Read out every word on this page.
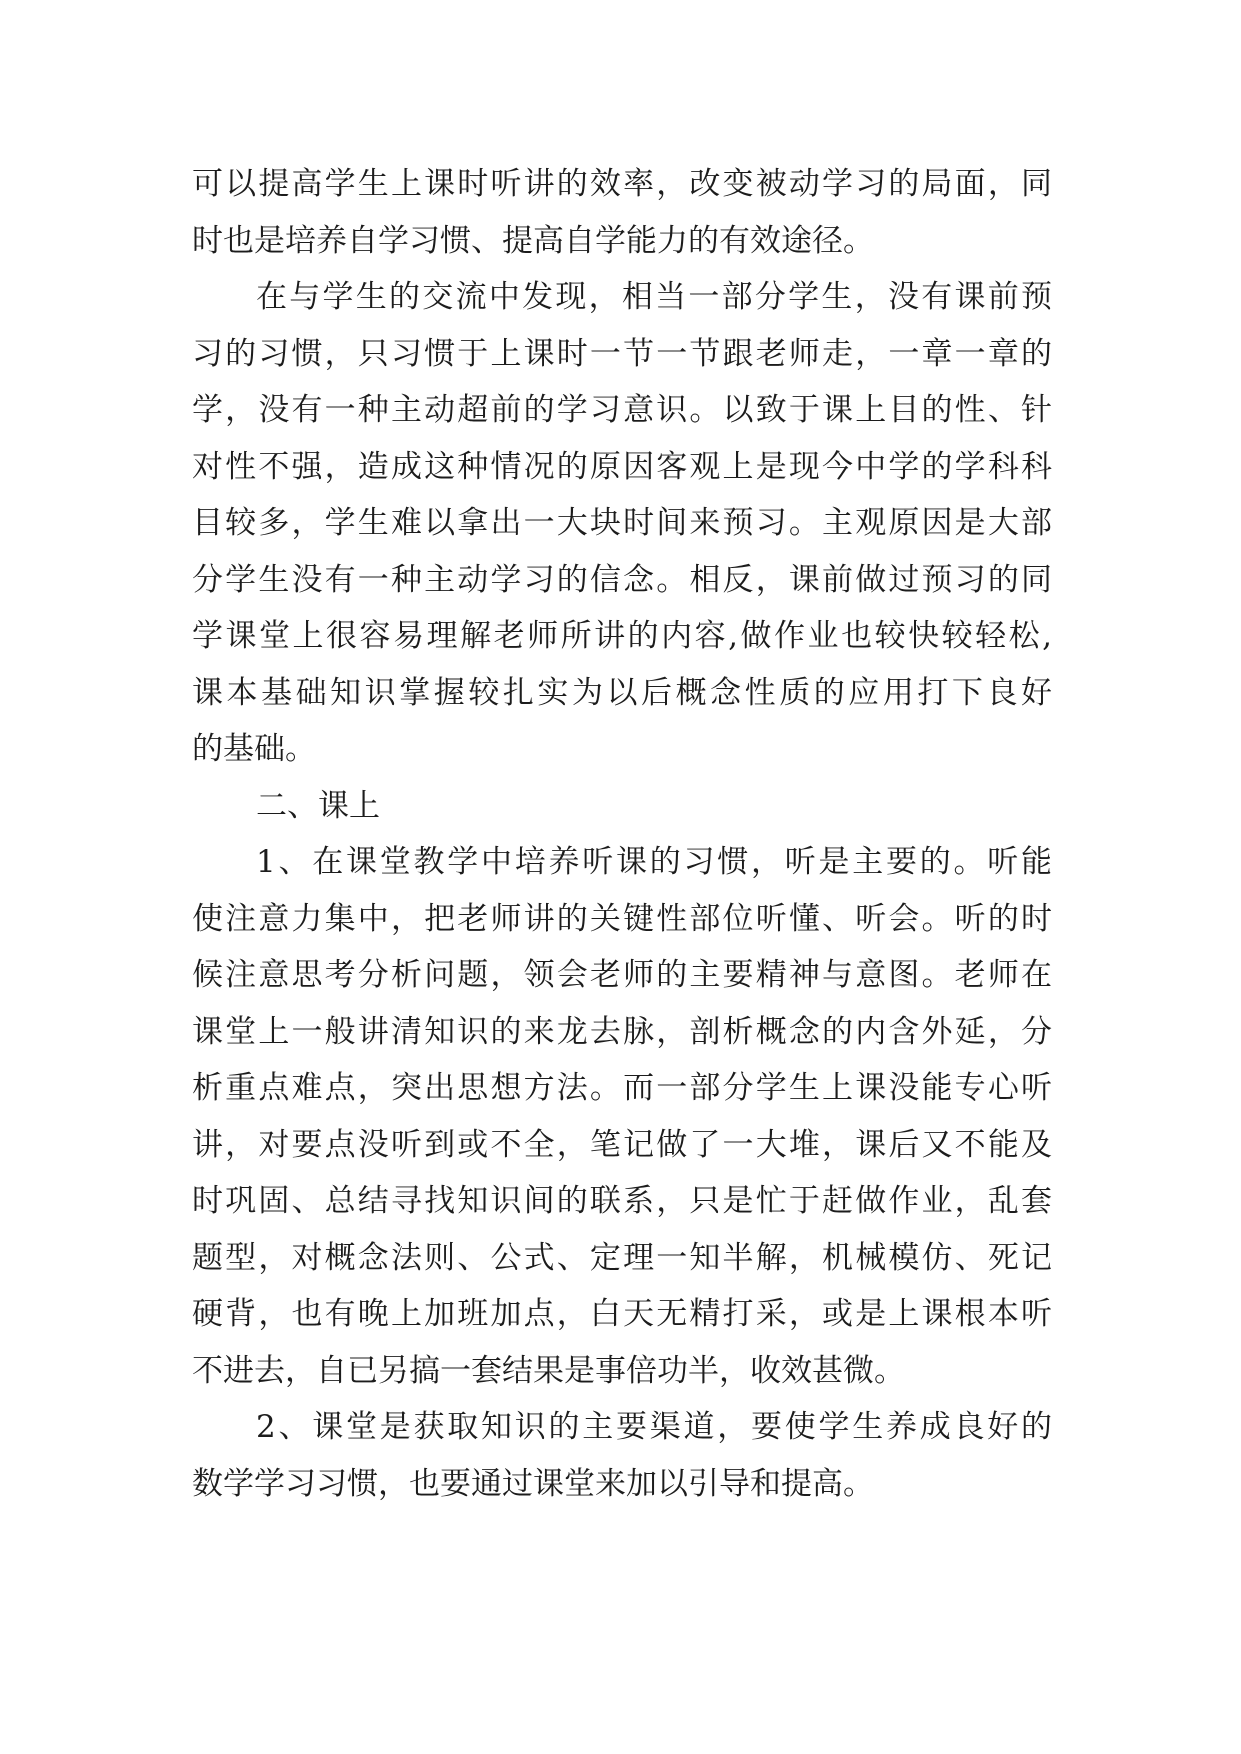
可以提高学生上课时听讲的效率，改变被动学习的局面，同
时也是培养自学习惯、提高自学能力的有效途径。
在与学生的交流中发现，相当一部分学生，没有课前预
习的习惯，只习惯于上课时一节一节跟老师走，一章一章的
学，没有一种主动超前的学习意识。以致于课上目的性、针
对性不强，造成这种情况的原因客观上是现今中学的学科科
目较多，学生难以拿出一大块时间来预习。主观原因是大部
分学生没有一种主动学习的信念。相反，课前做过预习的同
学课堂上很容易理解老师所讲的内容,做作业也较快较轻松,
课本基础知识掌握较扎实为以后概念性质的应用打下良好
的基础。
二、课上
1、在课堂教学中培养听课的习惯，听是主要的。听能
使注意力集中，把老师讲的关键性部位听懂、听会。听的时
候注意思考分析问题，领会老师的主要精神与意图。老师在
课堂上一般讲清知识的来龙去脉，剖析概念的内含外延，分
析重点难点，突出思想方法。而一部分学生上课没能专心听
讲，对要点没听到或不全，笔记做了一大堆，课后又不能及
时巩固、总结寻找知识间的联系，只是忙于赶做作业，乱套
题型，对概念法则、公式、定理一知半解，机械模仿、死记
硬背，也有晚上加班加点，白天无精打采，或是上课根本听
不进去，自已另搞一套结果是事倍功半，收效甚微。
2、课堂是获取知识的主要渠道，要使学生养成良好的
数学学习习惯，也要通过课堂来加以引导和提高。
